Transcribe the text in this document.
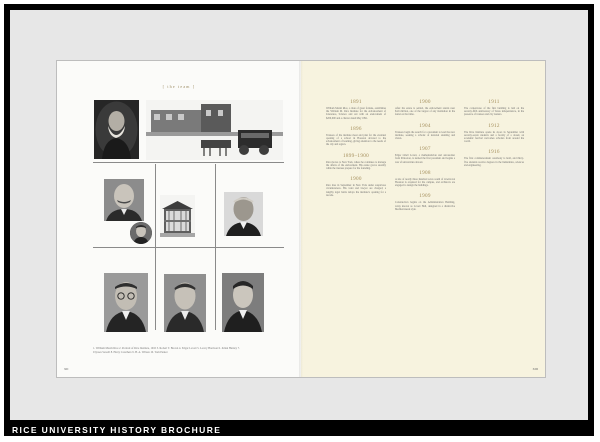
[ the team ]
1. William Marsh Rice 2. Portrait of Rice Institute, 1910 3. Robert T. Brown 4. Edgar Lovett 5. Lowry Harrison 6. Julian Huxley 7. Ulysses Sewell 8. Harry Carothers 9. H. A. Wilson 10. Tom Parker
XII
1891
William Marsh Rice, a man of great fortune, establishes the William M. Rice Institute for the Advancement of Literature, Science and Art with an endowment of $200,000 and a charter dated May 1891.
1896
Trustees of the institute meet and plan for the eventual opening of a school in Houston devoted to the advancement of learning, giving attention to the needs of the city and region.
1899–1900
Rice moves to New York, where he continues to manage the affairs of the endowment. His estate grows steadily while the trustees prepare for the founding.
1900
Rice dies in September in New York under suspicious circumstances. His valet and lawyer are charged; a lengthy legal battle delays the institute's opening for a decade.
1900
After the estate is settled, the endowment stands near $4.6 million, one of the largest of any institution in the nation at that time.
1904
Trustees begin the search for a president to lead the new institute, seeking a scholar of national standing and vision.
1907
Edgar Odell Lovett, a mathematician and astronomer from Princeton, is named the first president and begins a tour of universities abroad.
1908
A site of nearly three hundred acres south of downtown Houston is acquired for the campus, and architects are engaged to design the buildings.
1909
Construction begins on the Administration Building, today known as Lovett Hall, designed in a distinctive Mediterranean style.
1911
The cornerstone of the first building is laid on the seventy-fifth anniversary of Texas independence, in the presence of trustees and city leaders.
1912
The Rice Institute opens its doors in September with seventy-seven students and a faculty of a dozen; an academic festival welcomes scholars from around the world.
1916
The first commencement ceremony is held, and thirty-five students receive degrees in the humanities, sciences and engineering.
XIII
RICE UNIVERSITY HISTORY BROCHURE
